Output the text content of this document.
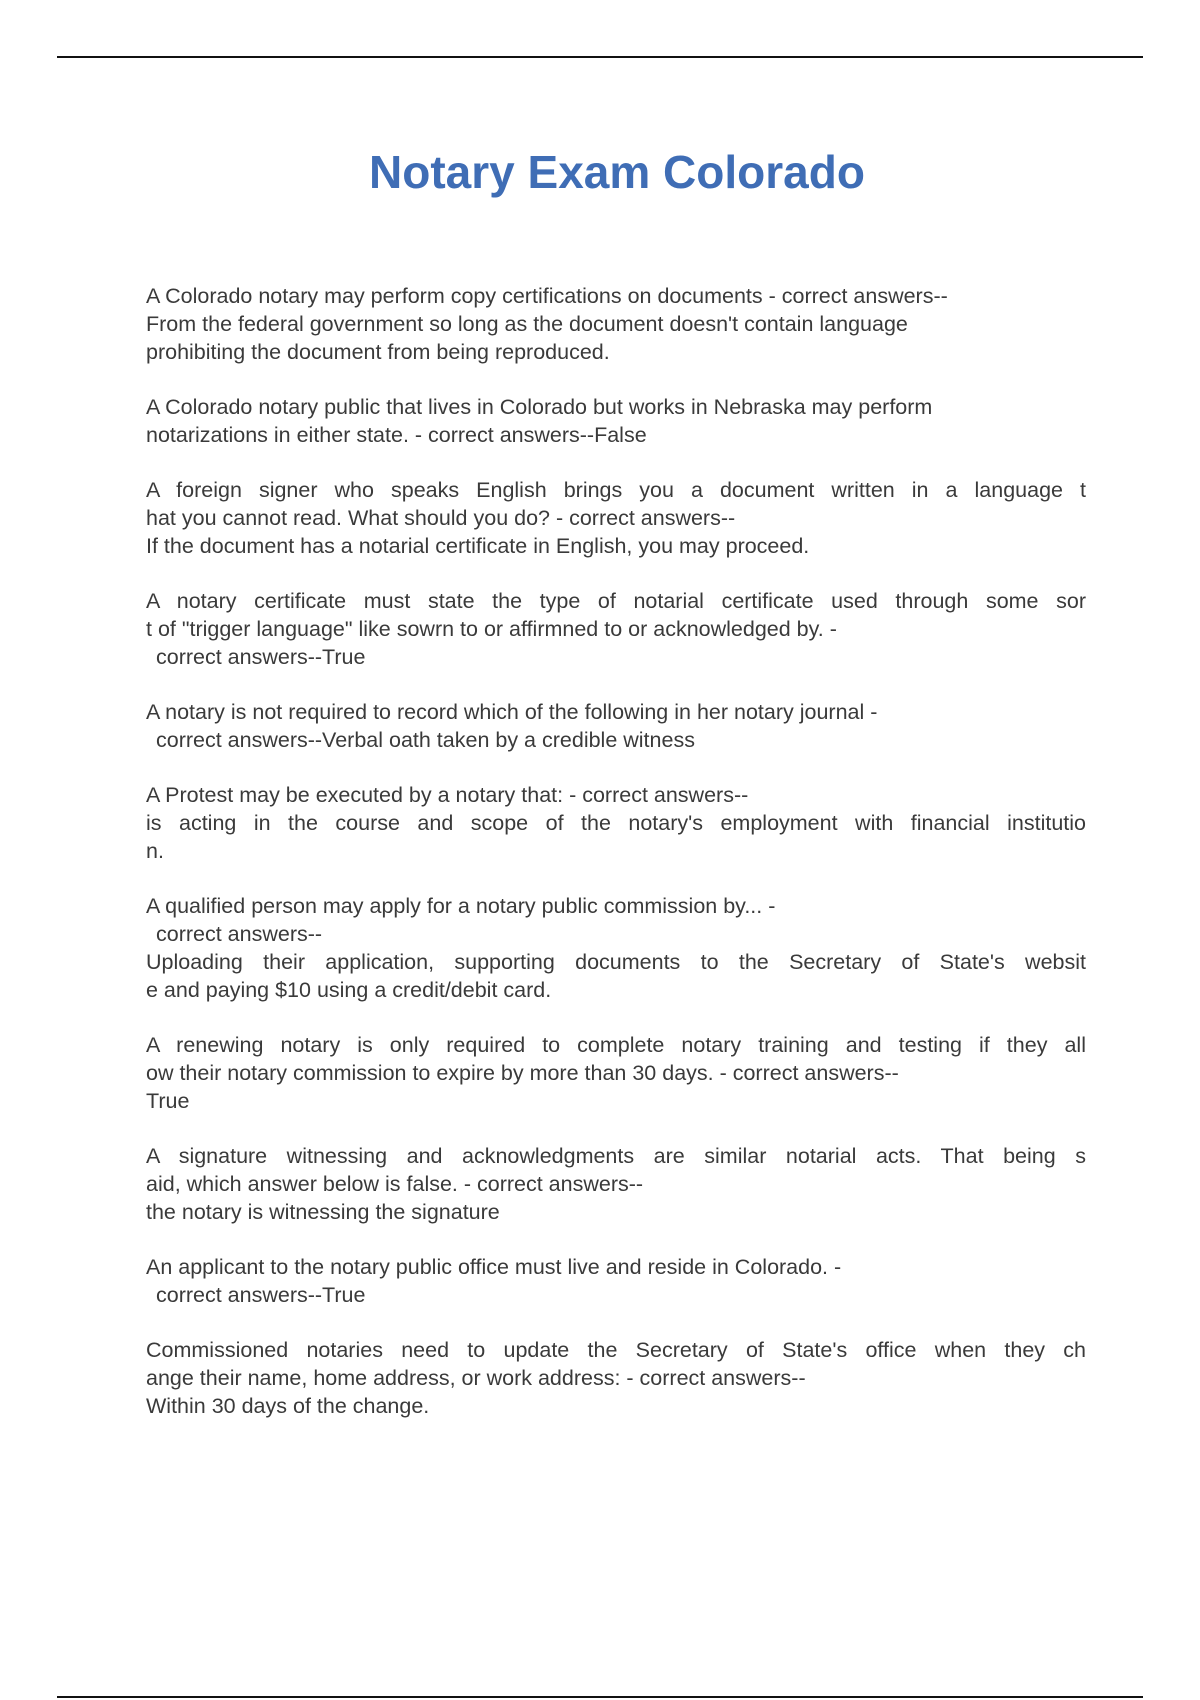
Notary Exam Colorado
A Colorado notary may perform copy certifications on documents - correct answers--
From the federal government so long as the document doesn't contain language
prohibiting the document from being reproduced.
A Colorado notary public that lives in Colorado but works in Nebraska may perform
notarizations in either state. - correct answers--False
A foreign signer who speaks English brings you a document written in a language t
hat you cannot read. What should you do? - correct answers--
If the document has a notarial certificate in English, you may proceed.
A notary certificate must state the type of notarial certificate used through some sor
t of "trigger language" like sowrn to or affirmned to or acknowledged by. -
correct answers--True
A notary is not required to record which of the following in her notary journal -
correct answers--Verbal oath taken by a credible witness
A Protest may be executed by a notary that: - correct answers--
is acting in the course and scope of the notary's employment with financial institutio
n.
A qualified person may apply for a notary public commission by... -
correct answers--
Uploading their application, supporting documents to the Secretary of State's websit
e and paying $10 using a credit/debit card.
A renewing notary is only required to complete notary training and testing if they all
ow their notary commission to expire by more than 30 days. - correct answers--
True
A signature witnessing and acknowledgments are similar notarial acts. That being s
aid, which answer below is false. - correct answers--
the notary is witnessing the signature
An applicant to the notary public office must live and reside in Colorado. -
correct answers--True
Commissioned notaries need to update the Secretary of State's office when they ch
ange their name, home address, or work address: - correct answers--
Within 30 days of the change.
